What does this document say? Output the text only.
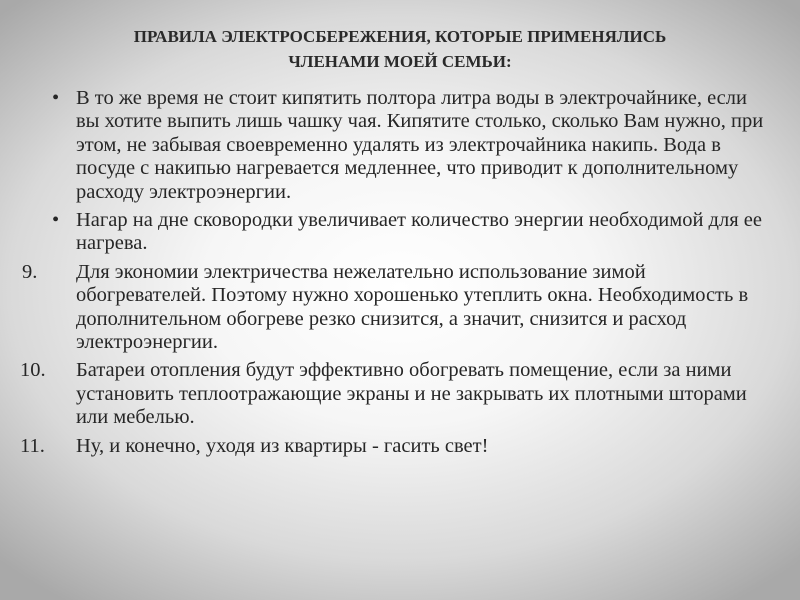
ПРАВИЛА ЭЛЕКТРОСБЕРЕЖЕНИЯ, КОТОРЫЕ ПРИМЕНЯЛИСЬ
ЧЛЕНАМИ МОЕЙ СЕМЬИ:
• В то же время не стоит кипятить полтора литра воды в электрочайнике, если вы хотите выпить лишь чашку чая. Кипятите столько, сколько Вам нужно, при этом, не забывая своевременно удалять из электрочайника накипь. Вода в посуде с накипью нагревается медленнее, что приводит к дополнительному расходу электроэнергии.
• Нагар на дне сковородки увеличивает количество энергии необходимой для ее нагрева.
9. Для экономии электричества нежелательно использование зимой обогревателей. Поэтому нужно хорошенько утеплить окна. Необходимость в дополнительном обогреве резко снизится, а значит, снизится и расход электроэнергии.
10. Батареи отопления будут эффективно обогревать помещение, если за ними установить теплоотражающие экраны и не закрывать их плотными шторами или мебелью.
11. Ну, и конечно, уходя из квартиры - гасить свет!
